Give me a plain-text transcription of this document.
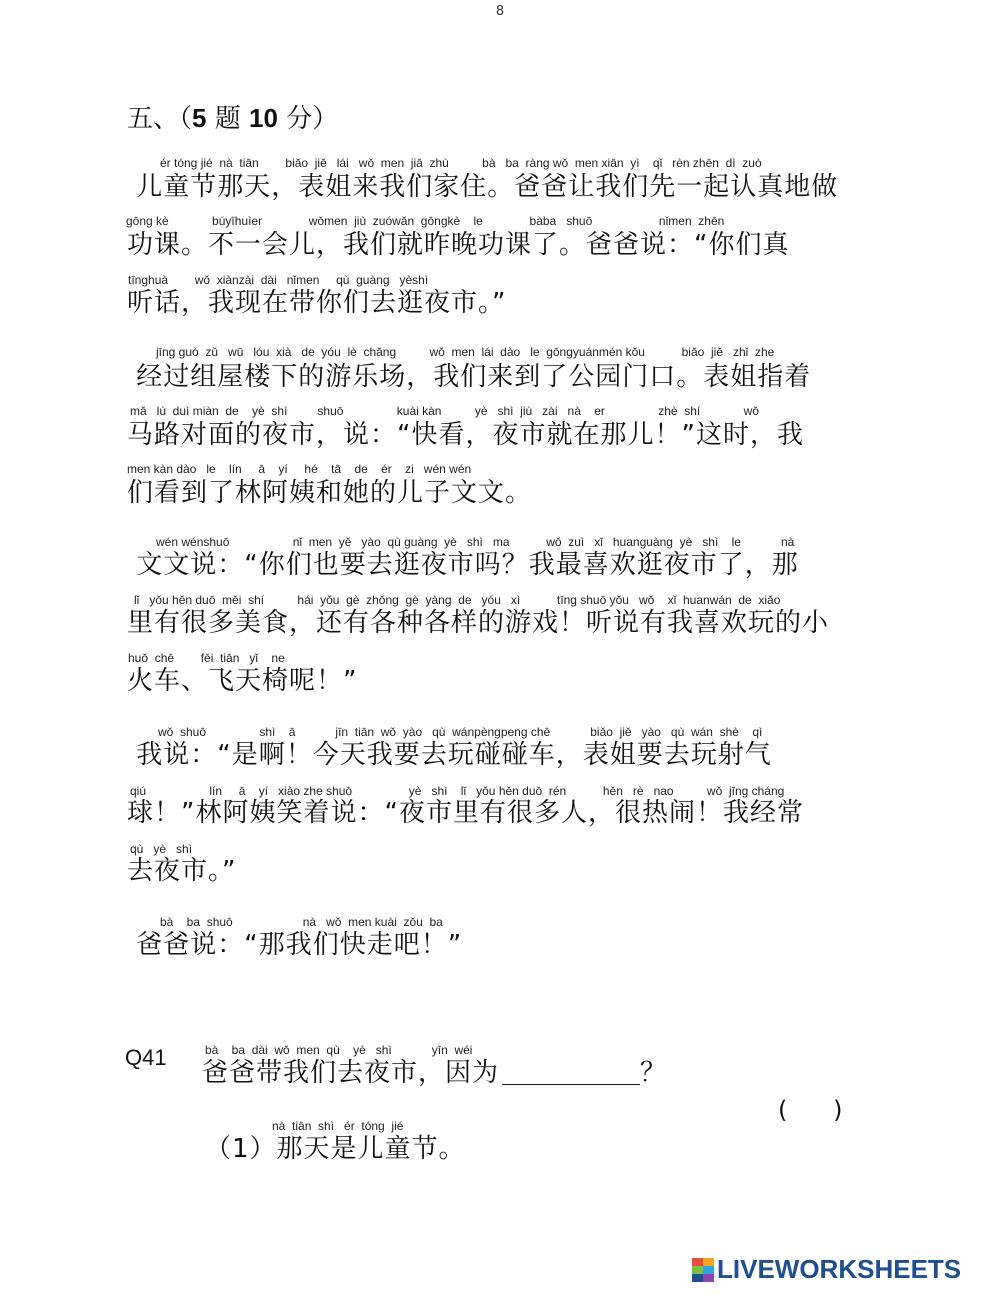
8
五、（5 题 10 分）
ér tóng jié  nà  tiān        biǎo  jiě   lái   wǒ  men  jiā  zhù          bà   ba  ràng wǒ  men xiān  yì    qǐ   rèn zhēn  dì  zuò
儿童节那天，表姐来我们家住。爸爸让我们先一起认真地做
gōng kè             búyīhuìer              wǒmen  jiù  zuówǎn  gōngkè    le              bàba   shuō                    nǐmen  zhēn
功课。不一会儿，我们就昨晚功课了。爸爸说：“你们真
tīnghuà        wǒ  xiànzài  dài   nǐmen     qù  guàng   yèshì
听话，我现在带你们去逛夜市。”
jīng guò  zǔ   wū   lóu  xià   de  yóu  lè  chǎng          wǒ  men  lái  dào   le  gōngyuánmén kǒu           biǎo  jiě   zhǐ  zhe
经过组屋楼下的游乐场，我们来到了公园门口。表姐指着
mǎ   lù  duì miàn  de    yè  shì         shuō                kuài kàn          yè   shì  jiù   zài   nà    er                zhè  shí             wǒ
马路对面的夜市，说：“快看，夜市就在那儿！”这时，我
men kàn dào   le    lín     ā    yí     hé    tā    de    ér    zi   wén wén
们看到了林阿姨和她的儿子文文。
wén wénshuō                   nǐ  men  yě   yào  qù guàng  yè   shì   ma           wǒ  zuì   xǐ   huanguàng  yè   shì    le            nà
文文说：“你们也要去逛夜市吗？我最喜欢逛夜市了，那
lǐ   yǒu hěn duō  měi  shí          hái  yǒu  gè  zhǒng  gè  yàng  de   yóu   xì           tīng shuō yǒu   wǒ    xǐ  huanwán  de  xiǎo
里有很多美食，还有各种各样的游戏！听说有我喜欢玩的小
huǒ  chē        fēi  tiān   yǐ    ne
火车、飞天椅呢！”
wǒ  shuō                shì    ā            jīn  tiān  wǒ  yào   qù  wánpèngpeng chē            biǎo  jiě   yào   qù  wán  shè    qì
我说：“是啊！今天我要去玩碰碰车，表姐要去玩射气
qiú                   lín     ā    yí   xiào zhe shuō                 yè   shì    lǐ   yǒu hěn duō  rén           hěn   rè   nao          wǒ  jīng cháng
球！”林阿姨笑着说：“夜市里有很多人，很热闹！我经常
qù   yè   shì
去夜市。”
bà    ba  shuō                     nà   wǒ  men kuài  zǒu  ba
爸爸说：“那我们快走吧！”
Q41	bà    ba  dài  wǒ  men  qù    yè   shì            yīn  wéi
爸爸带我们去夜市，因为	？
(      )
nà  tiān  shì   ér  tóng  jié
（1）那天是儿童节。
LIVEWORKSHEETS
